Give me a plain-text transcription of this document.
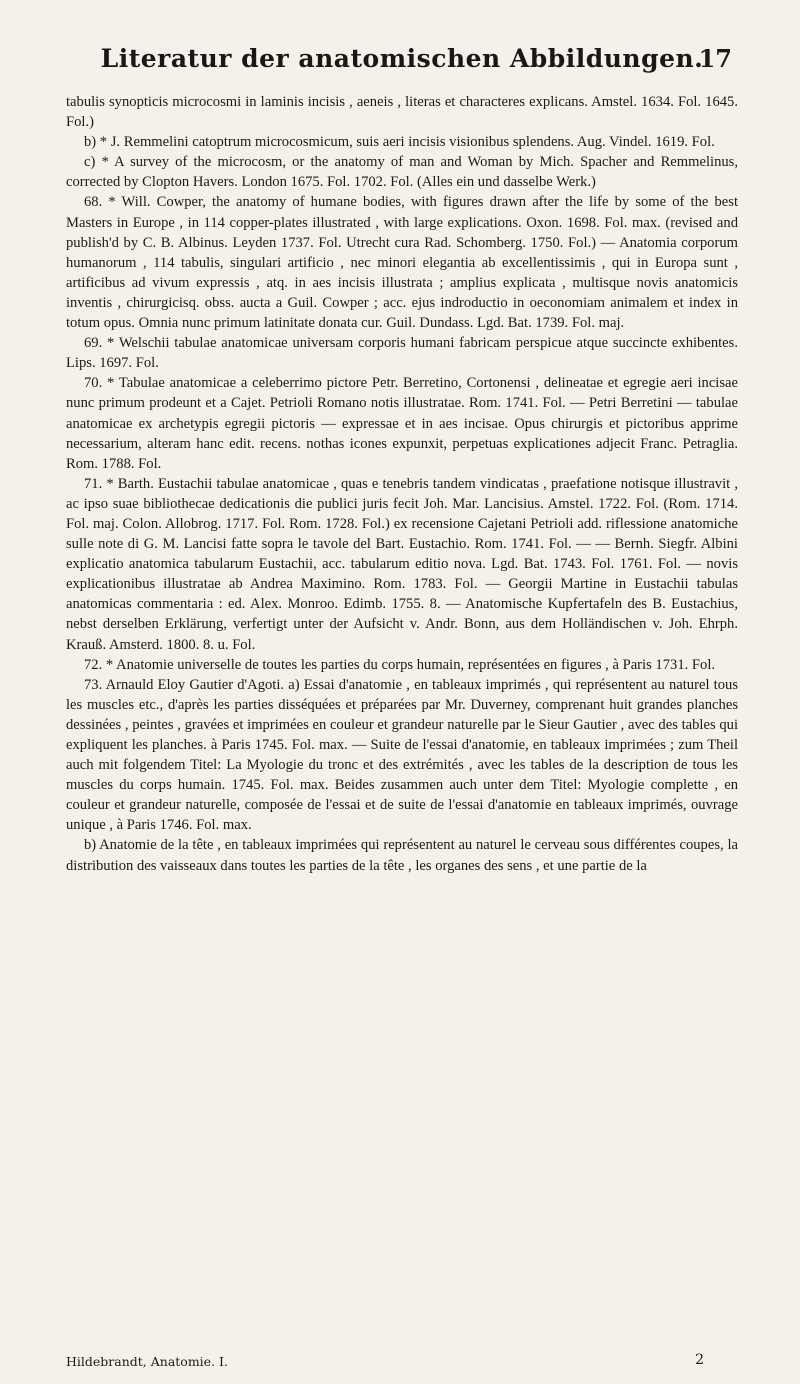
Literatur der anatomischen Abbildungen.
17

tabulis synopticis microcosmi in laminis incisis , aeneis , literas et characteres explicans. Amstel. 1634. Fol. 1645. Fol.)

b) * J. Remmelini catoptrum microcosmicum, suis aeri incisis visionibus splendens. Aug. Vindel. 1619. Fol.

c) * A survey of the microcosm, or the anatomy of man and Woman by Mich. Spacher and Remmelinus, corrected by Clopton Havers. London 1675. Fol. 1702. Fol. (Alles ein und dasselbe Werk.)

68. * Will. Cowper, the anatomy of humane bodies, with figures drawn after the life by some of the best Masters in Europe , in 114 copper-plates illustrated , with large explications. Oxon. 1698. Fol. max. (revised and publish'd by C. B. Albinus. Leyden 1737. Fol. Utrecht cura Rad. Schomberg. 1750. Fol.) — Anatomia corporum humanorum , 114 tabulis, singulari artificio , nec minori elegantia ab excellentissimis , qui in Europa sunt , artificibus ad vivum expressis , atq. in aes incisis illustrata ; amplius explicata , multisque novis anatomicis inventis , chirurgicisq. obss. aucta a Guil. Cowper ; acc. ejus indroductio in oeconomiam animalem et index in totum opus. Omnia nunc primum latinitate donata cur. Guil. Dundass. Lgd. Bat. 1739. Fol. maj.

69. * Welschii tabulae anatomicae universam corporis humani fabricam perspicue atque succincte exhibentes. Lips. 1697. Fol.

70. * Tabulae anatomicae a celeberrimo pictore Petr. Berretino, Cortonensi , delineatae et egregie aeri incisae nunc primum prodeunt et a Cajet. Petrioli Romano notis illustratae. Rom. 1741. Fol. — Petri Berretini — tabulae anatomicae ex archetypis egregii pictoris — expressae et in aes incisae. Opus chirurgis et pictoribus apprime necessarium, alteram hanc edit. recens. nothas icones expunxit, perpetuas explicationes adjecit Franc. Petraglia. Rom. 1788. Fol.

71. * Barth. Eustachii tabulae anatomicae , quas e tenebris tandem vindicatas , praefatione notisque illustravit , ac ipso suae bibliothecae dedicationis die publici juris fecit Joh. Mar. Lancisius. Amstel. 1722. Fol. (Rom. 1714. Fol. maj. Colon. Allobrog. 1717. Fol. Rom. 1728. Fol.) ex recensione Cajetani Petrioli add. riflessione anatomiche sulle note di G. M. Lancisi fatte sopra le tavole del Bart. Eustachio. Rom. 1741. Fol. — — Bernh. Siegfr. Albini explicatio anatomica tabularum Eustachii, acc. tabularum editio nova. Lgd. Bat. 1743. Fol. 1761. Fol. — novis explicationibus illustratae ab Andrea Maximino. Rom. 1783. Fol. — Georgii Martine in Eustachii tabulas anatomicas commentaria : ed. Alex. Monroo. Edimb. 1755. 8. — Anatomische Kupfertafeln des B. Eustachius, nebst derselben Erklärung, verfertigt unter der Aufsicht v. Andr. Bonn, aus dem Holländischen v. Joh. Ehrph. Krauß. Amsterd. 1800. 8. u. Fol.

72. * Anatomie universelle de toutes les parties du corps humain, représentées en figures , à Paris 1731. Fol.

73. Arnauld Eloy Gautier d'Agoti. a) Essai d'anatomie , en tableaux imprimés , qui représentent au naturel tous les muscles etc., d'après les parties disséquées et préparées par Mr. Duverney, comprenant huit grandes planches dessinées , peintes , gravées et imprimées en couleur et grandeur naturelle par le Sieur Gautier , avec des tables qui expliquent les planches. à Paris 1745. Fol. max. — Suite de l'essai d'anatomie, en tableaux imprimées ; zum Theil auch mit folgendem Titel: La Myologie du tronc et des extrémités , avec les tables de la description de tous les muscles du corps humain. 1745. Fol. max. Beides zusammen auch unter dem Titel: Myologie complette , en couleur et grandeur naturelle, composée de l'essai et de suite de l'essai d'anatomie en tableaux imprimés, ouvrage unique , à Paris 1746. Fol. max.

b) Anatomie de la tête , en tableaux imprimées qui représentent au naturel le cerveau sous différentes coupes, la distribution des vaisseaux dans toutes les parties de la tête , les organes des sens , et une partie de la

Hildebrandt, Anatomie. I.	2
